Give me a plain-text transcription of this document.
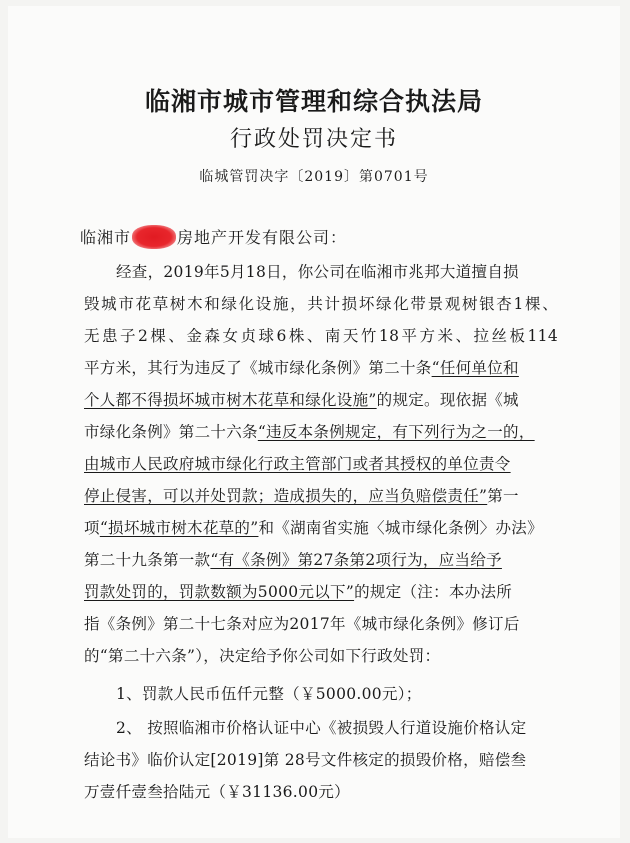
临湘市城市管理和综合执法局
行政处罚决定书
临城管罚决字〔2019〕第0701号
临湘市	房地产开发有限公司：
经查，2019年5月18日，你公司在临湘市兆邦大道擅自损
毁城市花草树木和绿化设施，共计损坏绿化带景观树银杏1棵、
无患子2棵、金森女贞球6株、南天竹18平方米、拉丝板114
平方米，其行为违反了《城市绿化条例》第二十条“任何单位和
个人都不得损坏城市树木花草和绿化设施”的规定。现依据《城
市绿化条例》第二十六条“违反本条例规定，有下列行为之一的，
由城市人民政府城市绿化行政主管部门或者其授权的单位责令
停止侵害，可以并处罚款；造成损失的，应当负赔偿责任”第一
项“损坏城市树木花草的”和《湖南省实施〈城市绿化条例〉办法》
第二十九条第一款“有《条例》第27条第2项行为，应当给予
罚款处罚的，罚款数额为5000元以下”的规定（注：本办法所
指《条例》第二十七条对应为2017年《城市绿化条例》修订后
的“第二十六条”），决定给予你公司如下行政处罚：
1、罚款人民币伍仟元整（￥5000.00元）；
2、 按照临湘市价格认证中心《被损毁人行道设施价格认定
结论书》临价认定[2019]第 28号文件核定的损毁价格，赔偿叁
万壹仟壹叁拾陆元（￥31136.00元）
